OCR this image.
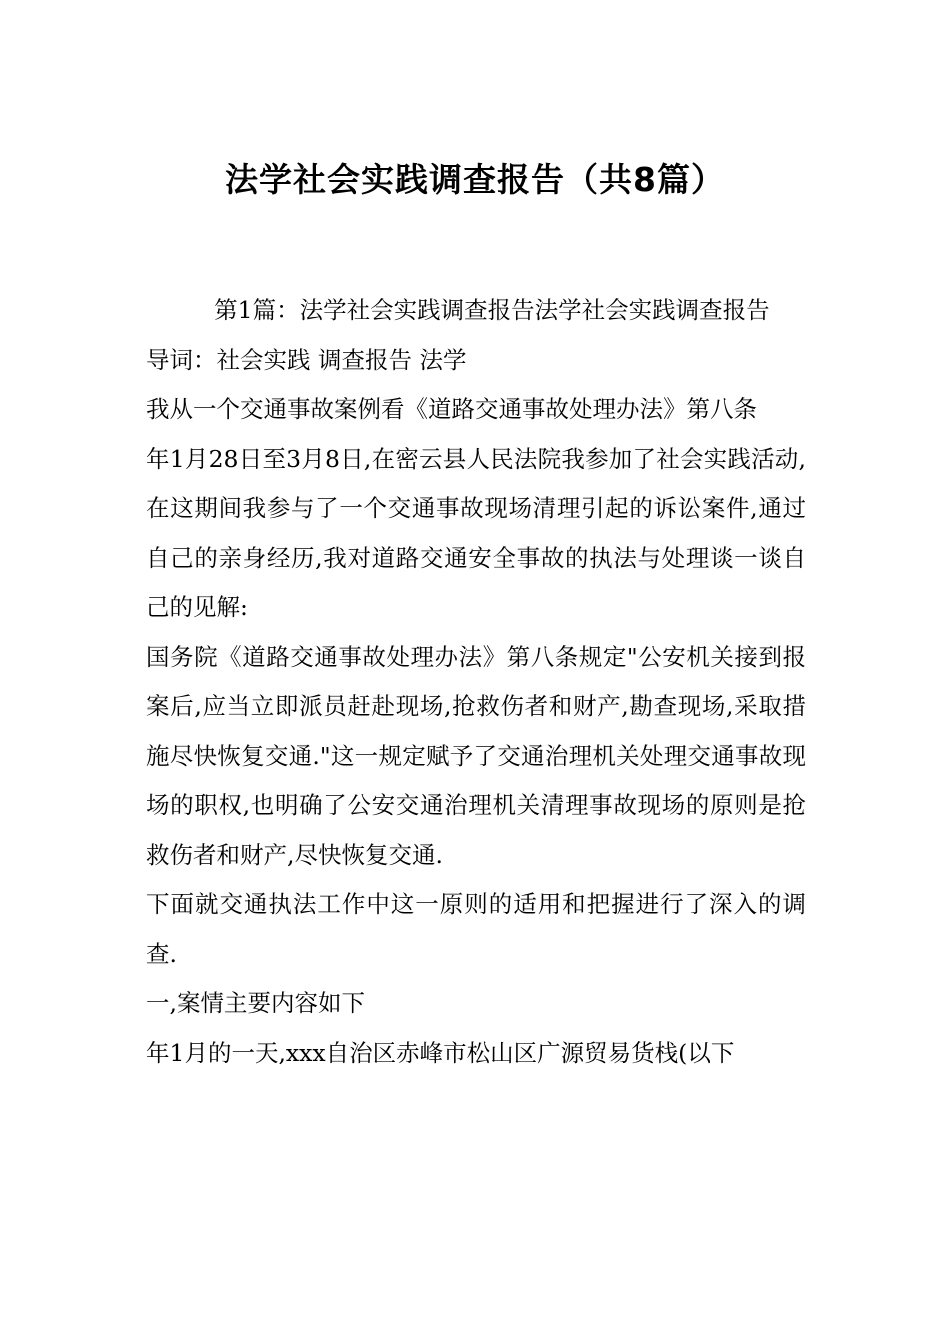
法学社会实践调查报告（共8篇）

第1篇：法学社会实践调查报告法学社会实践调查报告

导词：社会实践 调查报告 法学

我从一个交通事故案例看《道路交通事故处理办法》第八条

年1月28日至3月8日,在密云县人民法院我参加了社会实践活动,在这期间我参与了一个交通事故现场清理引起的诉讼案件,通过自己的亲身经历,我对道路交通安全事故的执法与处理谈一谈自己的见解:

国务院《道路交通事故处理办法》第八条规定"公安机关接到报案后,应当立即派员赶赴现场,抢救伤者和财产,勘查现场,采取措施尽快恢复交通."这一规定赋予了交通治理机关处理交通事故现场的职权,也明确了公安交通治理机关清理事故现场的原则是抢救伤者和财产,尽快恢复交通.

下面就交通执法工作中这一原则的适用和把握进行了深入的调查.

一,案情主要内容如下

年1月的一天,xxx自治区赤峰市松山区广源贸易货栈(以下
